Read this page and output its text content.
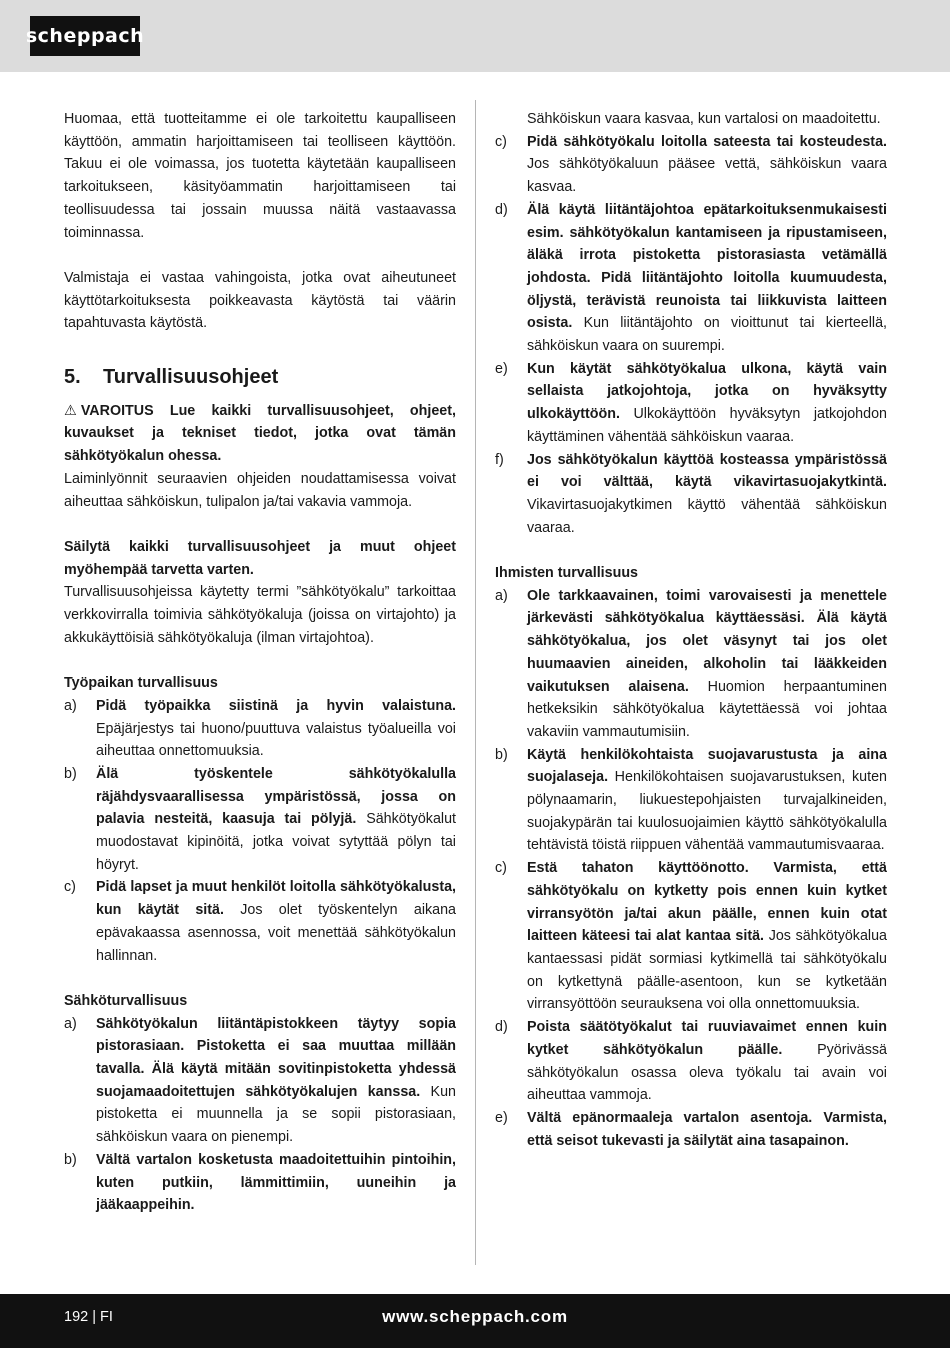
scheppach

Huomaa, että tuotteitamme ei ole tarkoitettu kaupalliseen käyttöön, ammatin harjoittamiseen tai teolliseen käyttöön. Takuu ei ole voimassa, jos tuotetta käytetään kaupalliseen tarkoitukseen, käsityöammatin harjoittamiseen tai teollisuudessa tai jossain muussa näitä vastaavassa toiminnassa.

Valmistaja ei vastaa vahingoista, jotka ovat aiheutuneet käyttötarkoituksesta poikkeavasta käytöstä tai väärin tapahtuvasta käytöstä.

5.	Turvallisuusohjeet

⚠ VAROITUS Lue kaikki turvallisuusohjeet, ohjeet, kuvaukset ja tekniset tiedot, jotka ovat tämän sähkötyökalun ohessa.

Laiminlyönnit seuraavien ohjeiden noudattamisessa voivat aiheuttaa sähköiskun, tulipalon ja/tai vakavia vammoja.

Säilytä kaikki turvallisuusohjeet ja muut ohjeet myöhempää tarvetta varten.

Turvallisuusohjeissa käytetty termi ”sähkötyökalu” tarkoittaa verkkovirralla toimivia sähkötyökaluja (joissa on virtajohto) ja akkukäyttöisiä sähkötyökaluja (ilman virtajohtoa).

Työpaikan turvallisuus
a)	Pidä työpaikka siistinä ja hyvin valaistuna. Epäjärjestys tai huono/puuttuva valaistus työalueilla voi aiheuttaa onnettomuuksia.
b)	Älä työskentele sähkötyökalulla räjähdysvaarallisessa ympäristössä, jossa on palavia nesteitä, kaasuja tai pölyjä. Sähkötyökalut muodostavat kipinöitä, jotka voivat sytyttää pölyn tai höyryt.
c)	Pidä lapset ja muut henkilöt loitolla sähkötyökalusta, kun käytät sitä. Jos olet työskentelyn aikana epävakaassa asennossa, voit menettää sähkötyökalun hallinnan.
Sähköturvallisuus
a)	Sähkötyökalun liitäntäpistokkeen täytyy sopia pistorasiaan. Pistoketta ei saa muuttaa millään tavalla. Älä käytä mitään sovitinpistoketta yhdessä suojamaadoitettujen sähkötyökalujen kanssa. Kun pistoketta ei muunnella ja se sopii pistorasiaan, sähköiskun vaara on pienempi.
b)	Vältä vartalon kosketusta maadoitettuihin pintoihin, kuten putkiin, lämmittimiin, uuneihin ja jääkaappeihin.
Sähköiskun vaara kasvaa, kun vartalosi on maadoitettu.
c)	Pidä sähkötyökalu loitolla sateesta tai kosteudesta. Jos sähkötyökaluun pääsee vettä, sähköiskun vaara kasvaa.
d)	Älä käytä liitäntäjohtoa epätarkoituksenmukaisesti esim. sähkötyökalun kantamiseen ja ripustamiseen, äläkä irrota pistoketta pistorasiasta vetämällä johdosta. Pidä liitäntäjohto loitolla kuumuudesta, öljystä, terävistä reunoista tai liikkuvista laitteen osista. Kun liitäntäjohto on vioittunut tai kierteellä, sähköiskun vaara on suurempi.
e)	Kun käytät sähkötyökalua ulkona, käytä vain sellaista jatkojohtoja, jotka on hyväksytty ulkokäyttöön. Ulkokäyttöön hyväksytyn jatkojohdon käyttäminen vähentää sähköiskun vaaraa.
f)	Jos sähkötyökalun käyttöä kosteassa ympäristössä ei voi välttää, käytä vikavirtasuojakytkintä. Vikavirtasuojakytkimen käyttö vähentää sähköiskun vaaraa.
Ihmisten turvallisuus
a)	Ole tarkkaavainen, toimi varovaisesti ja menettele järkevästi sähkötyökalua käyttäessäsi. Älä käytä sähkötyökalua, jos olet väsynyt tai jos olet huumaavien aineiden, alkoholin tai lääkkeiden vaikutuksen alaisena. Huomion herpaantuminen hetkeksikin sähkötyökalua käytettäessä voi johtaa vakaviin vammautumisiin.
b)	Käytä henkilökohtaista suojavarustusta ja aina suojalaseja. Henkilökohtaisen suojavarustuksen, kuten pölynaamarin, liukuestepohjaisten turvajalkineiden, suojakypärän tai kuulosuojaimien käyttö sähkötyökalulla tehtävistä töistä riippuen vähentää vammautumisvaaraa.
c)	Estä tahaton käyttöönotto. Varmista, että sähkötyökalu on kytketty pois ennen kuin kytket virransyötön ja/tai akun päälle, ennen kuin otat laitteen käteesi tai alat kantaa sitä. Jos sähkötyökalua kantaessasi pidät sormiasi kytkimellä tai sähkötyökalu on kytkettynä päälle-asentoon, kun se kytketään virransyöttöön seurauksena voi olla onnettomuuksia.
d)	Poista säätötyökalut tai ruuviavaimet ennen kuin kytket sähkötyökalun päälle. Pyörivässä sähkötyökalun osassa oleva työkalu tai avain voi aiheuttaa vammoja.
e)	Vältä epänormaaleja vartalon asentoja. Varmista, että seisot tukevasti ja säilytät aina tasapainon.
192 | FI	www.scheppach.com
